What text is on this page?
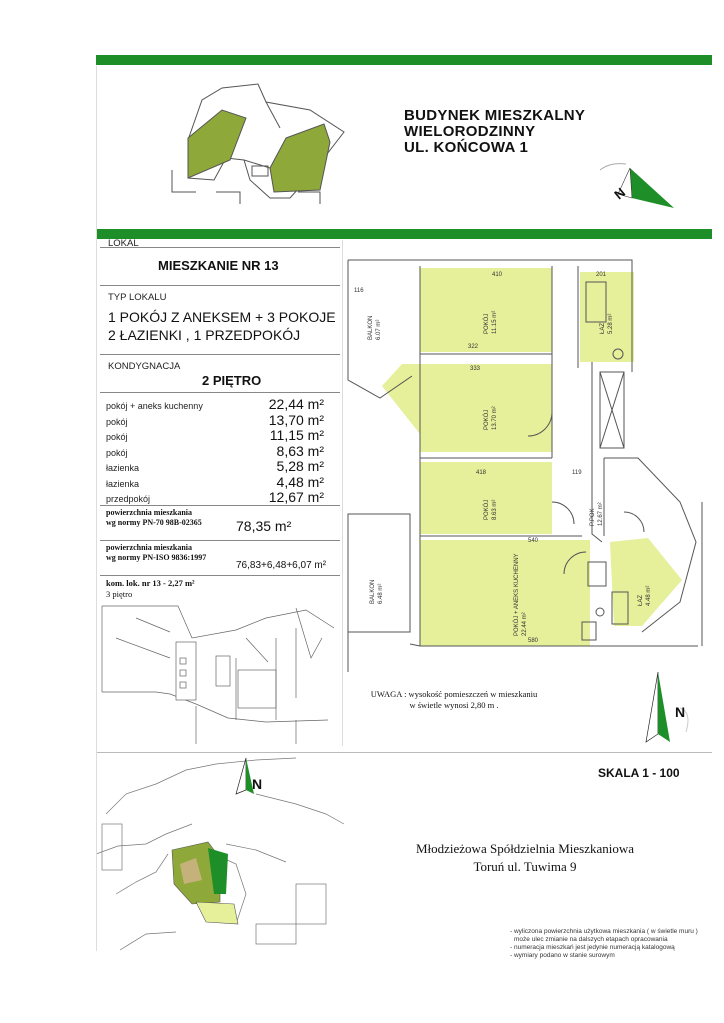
BUDYNEK MIESZKALNY
WIELORODZINNY
UL. KOŃCOWA 1
N
LOKAL
MIESZKANIE NR 13
TYP LOKALU
1 POKÓJ Z ANEKSEM + 3 POKOJE
2 ŁAZIENKI , 1 PRZEDPOKÓJ
KONDYGNACJA
2 PIĘTRO
pokój + aneks kuchenny	22,44 m²
pokój	13,70 m²
pokój	11,15 m²
pokój	8,63 m²
łazienka	5,28 m²
łazienka	4,48 m²
przedpokój	12,67 m²
powierzchnia mieszkania
wg normy PN-70 98B-02365 78,35 m²
powierzchnia mieszkania
wg normy PN-ISO 9836:1997
76,83+6,48+6,07 m²
kom. lok. nr 13 - 2,27 m²
3 piętro
116
410
322
333
418
540
580
201
119
BALKON 6.07 m²
BALKON 6.48 m²
POKÓJ 11.15 m²
POKÓJ 13.70 m²
POKÓJ 8.63 m²
POKÓJ + ANEKS KUCHENNY 22.44 m²
ŁAZ 5.28 m²
ŁAZ 4.48 m²
P.POK 12.67 m²
UWAGA : wysokość pomieszczeń w mieszkaniu
w świetle wynosi 2,80 m .	N
SKALA 1 - 100
N
Młodzieżowa Spółdzielnia Mieszkaniowa
Toruń ul. Tuwima 9
- wyliczona powierzchnia użytkowa mieszkania ( w świetle muru )
może ulec zmianie na dalszych etapach opracowania
- numeracja mieszkań jest jedynie numeracją katalogową
- wymiary podano w stanie surowym
